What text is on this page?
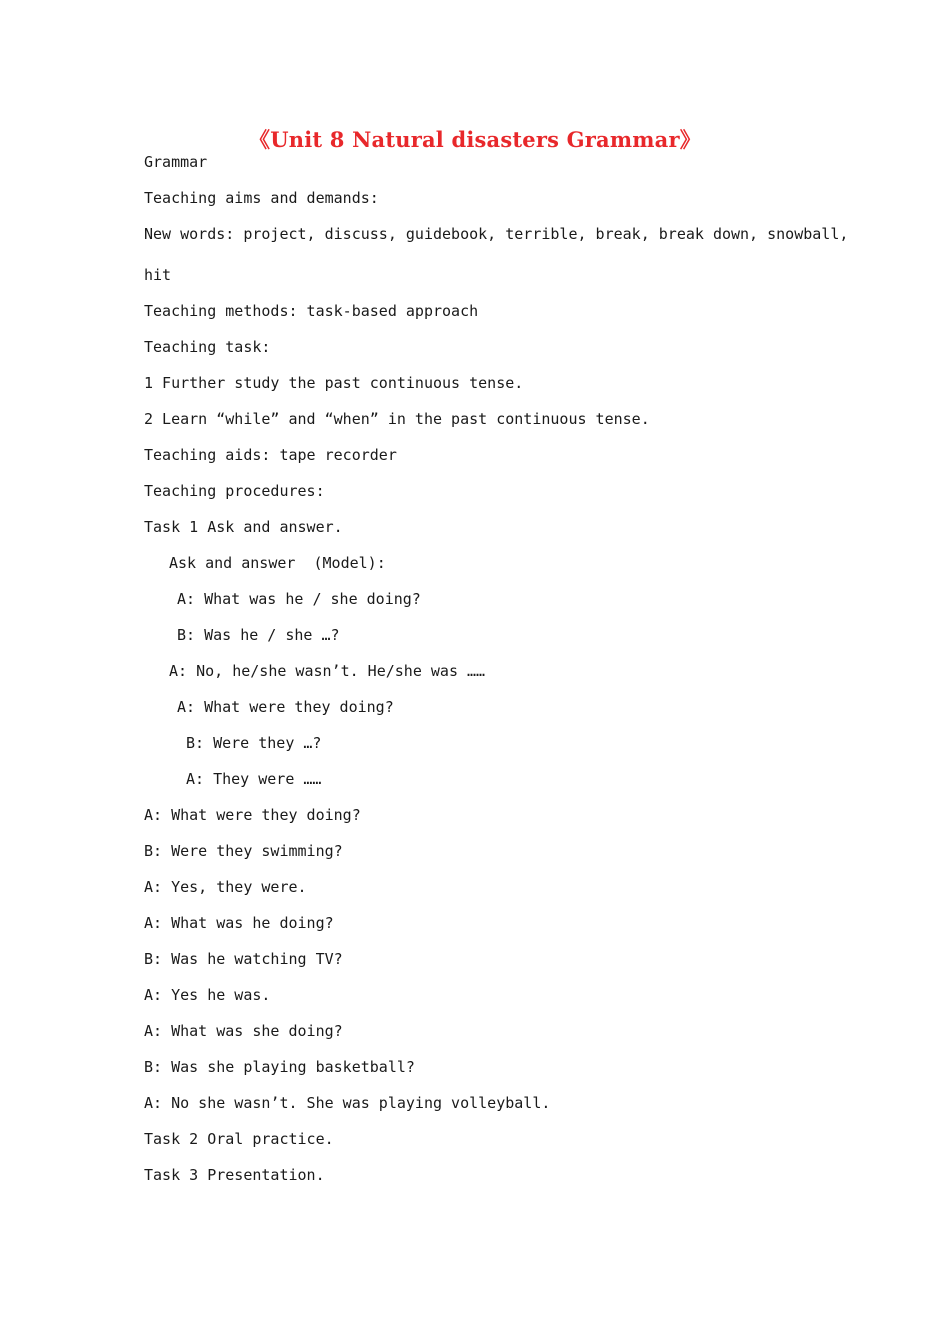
《Unit 8 Natural disasters Grammar》
Grammar
Teaching aims and demands:
New words: project, discuss, guidebook, terrible, break, break down, snowball,
hit
Teaching methods: task-based approach
Teaching task:
1 Further study the past continuous tense.
2 Learn “while” and “when” in the past continuous tense.
Teaching aids: tape recorder
Teaching procedures:
Task 1 Ask and answer.
Ask and answer  (Model):
A: What was he / she doing?
B: Was he / she …?
A: No, he/she wasn’t. He/she was ……
A: What were they doing?
B: Were they …?
A: They were ……
A: What were they doing?
B: Were they swimming?
A: Yes, they were.
A: What was he doing?
B: Was he watching TV?
A: Yes he was.
A: What was she doing?
B: Was she playing basketball?
A: No she wasn’t. She was playing volleyball.
Task 2 Oral practice.
Task 3 Presentation.
